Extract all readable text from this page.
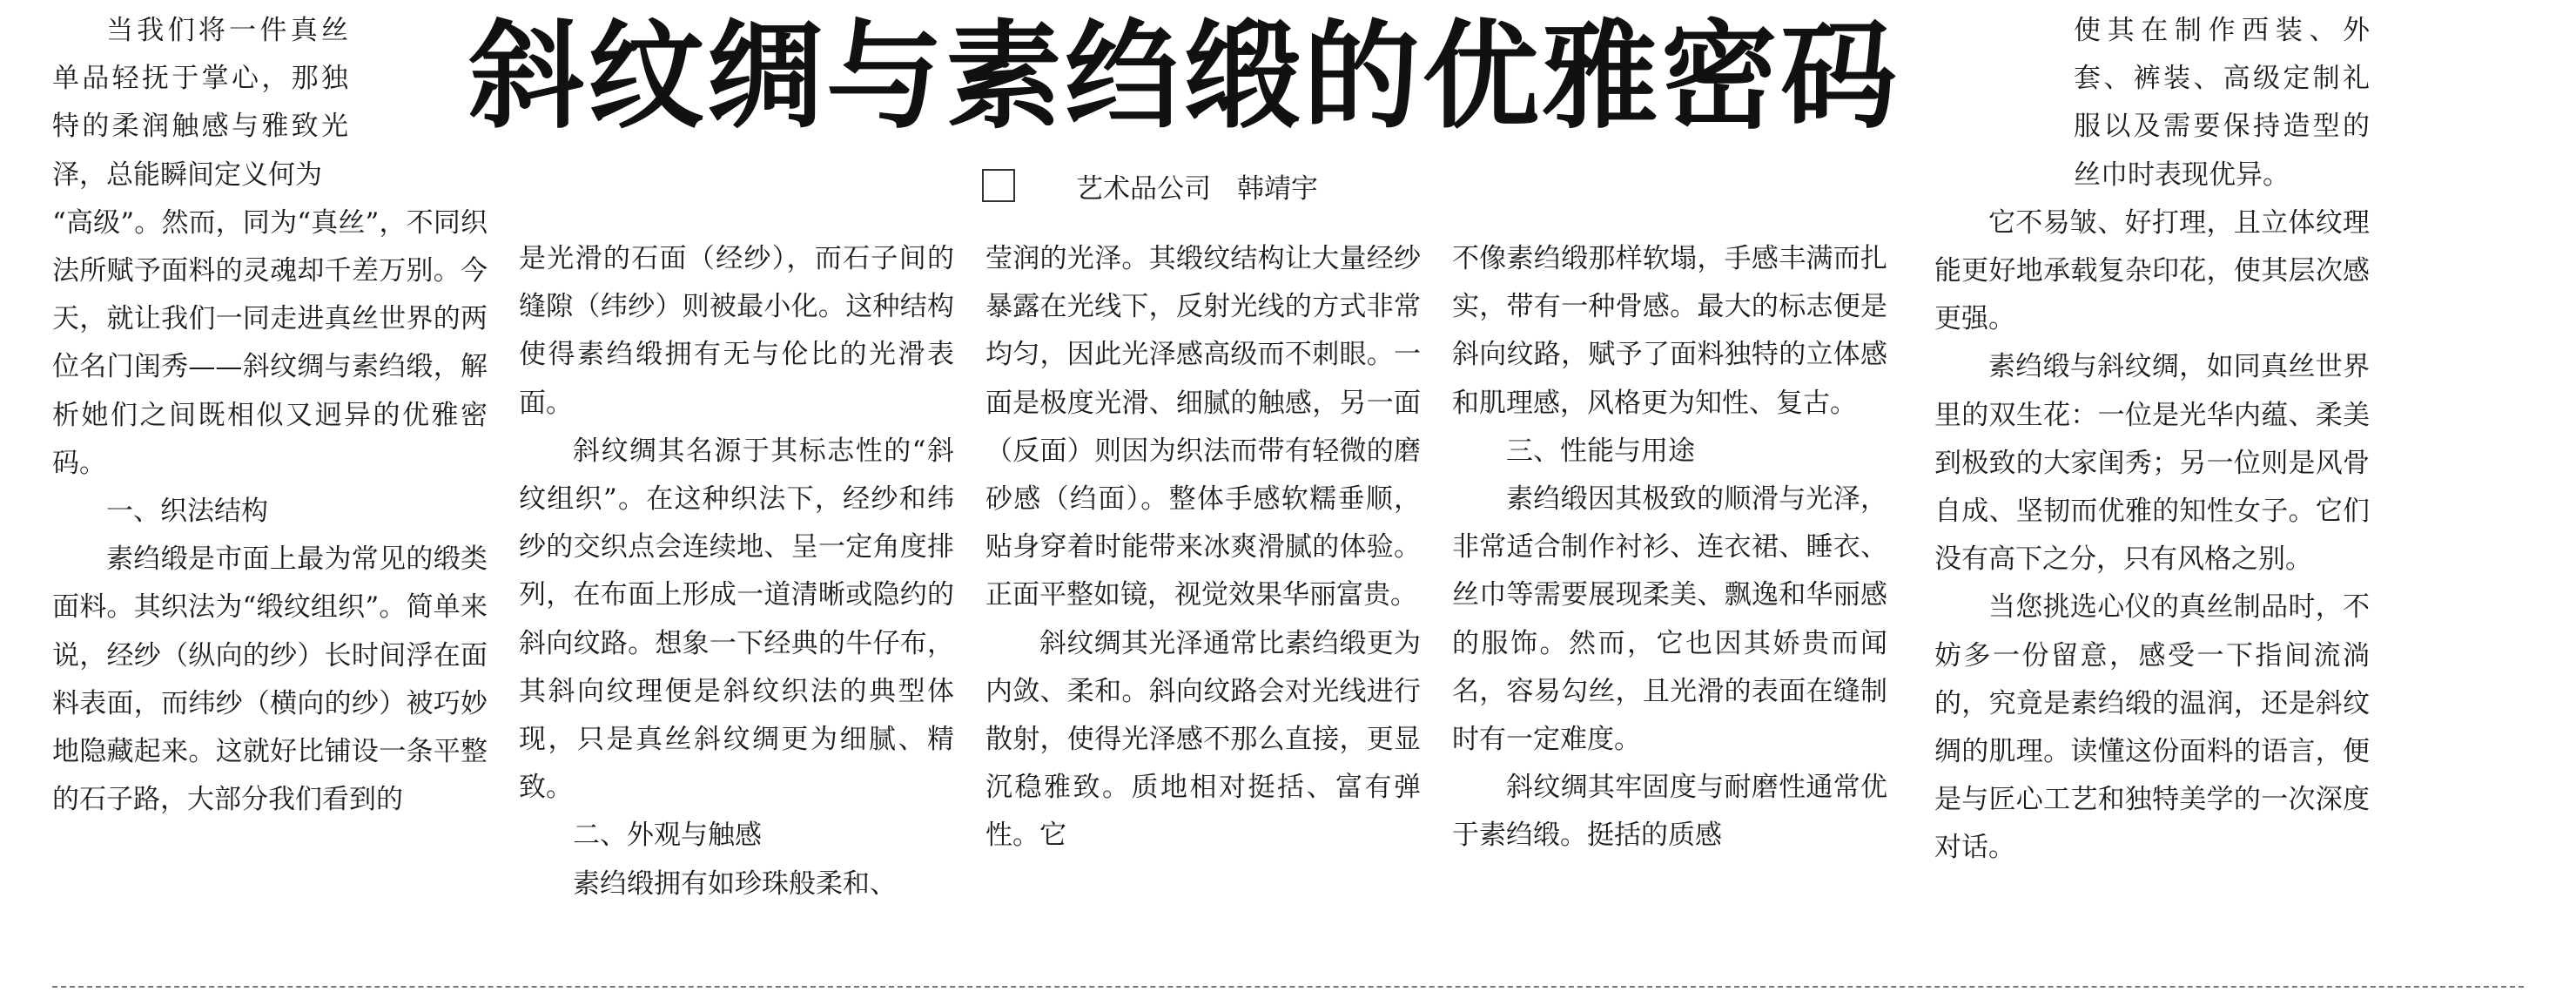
斜纹绸与素绉缎的优雅密码
艺术品公司 韩靖宇

当我们将一件真丝单品轻抚于掌心，那独特的柔润触感与雅致光泽，总能瞬间定义何为

“高级”。然而，同为“真丝”，不同织法所赋予面料的灵魂却千差万别。今天，就让我们一同走进真丝世界的两位名门闺秀——斜纹绸与素绉缎，解析她们之间既相似又迥异的优雅密码。

一、织法结构

素绉缎是市面上最为常见的缎类面料。其织法为“缎纹组织”。简单来说，经纱（纵向的纱）长时间浮在面料表面，而纬纱（横向的纱）被巧妙地隐藏起来。这就好比铺设一条平整的石子路，大部分我们看到的

是光滑的石面（经纱），而石子间的缝隙（纬纱）则被最小化。这种结构使得素绉缎拥有无与伦比的光滑表面。

斜纹绸其名源于其标志性的“斜纹组织”。在这种织法下，经纱和纬纱的交织点会连续地、呈一定角度排列，在布面上形成一道清晰或隐约的斜向纹路。想象一下经典的牛仔布，其斜向纹理便是斜纹织法的典型体现，只是真丝斜纹绸更为细腻、精致。

二、外观与触感

素绉缎拥有如珍珠般柔和、

莹润的光泽。其缎纹结构让大量经纱暴露在光线下，反射光线的方式非常均匀，因此光泽感高级而不刺眼。一面是极度光滑、细腻的触感，另一面（反面）则因为织法而带有轻微的磨砂感（绉面）。整体手感软糯垂顺，贴身穿着时能带来冰爽滑腻的体验。正面平整如镜，视觉效果华丽富贵。

斜纹绸其光泽通常比素绉缎更为内敛、柔和。斜向纹路会对光线进行散射，使得光泽感不那么直接，更显沉稳雅致。质地相对挺括、富有弹性。它

不像素绉缎那样软塌，手感丰满而扎实，带有一种骨感。最大的标志便是斜向纹路，赋予了面料独特的立体感和肌理感，风格更为知性、复古。

三、性能与用途

素绉缎因其极致的顺滑与光泽，非常适合制作衬衫、连衣裙、睡衣、丝巾等需要展现柔美、飘逸和华丽感的服饰。然而，它也因其娇贵而闻名，容易勾丝，且光滑的表面在缝制时有一定难度。

斜纹绸其牢固度与耐磨性通常优于素绉缎。挺括的质感

使其在制作西装、外套、裤装、高级定制礼服以及需要保持造型的丝巾时表现优异。

它不易皱、好打理，且立体纹理能更好地承载复杂印花，使其层次感更强。

素绉缎与斜纹绸，如同真丝世界里的双生花：一位是光华内蕴、柔美到极致的大家闺秀；另一位则是风骨自成、坚韧而优雅的知性女子。它们没有高下之分，只有风格之别。

当您挑选心仪的真丝制品时，不妨多一份留意，感受一下指间流淌的，究竟是素绉缎的温润，还是斜纹绸的肌理。读懂这份面料的语言，便是与匠心工艺和独特美学的一次深度对话。
